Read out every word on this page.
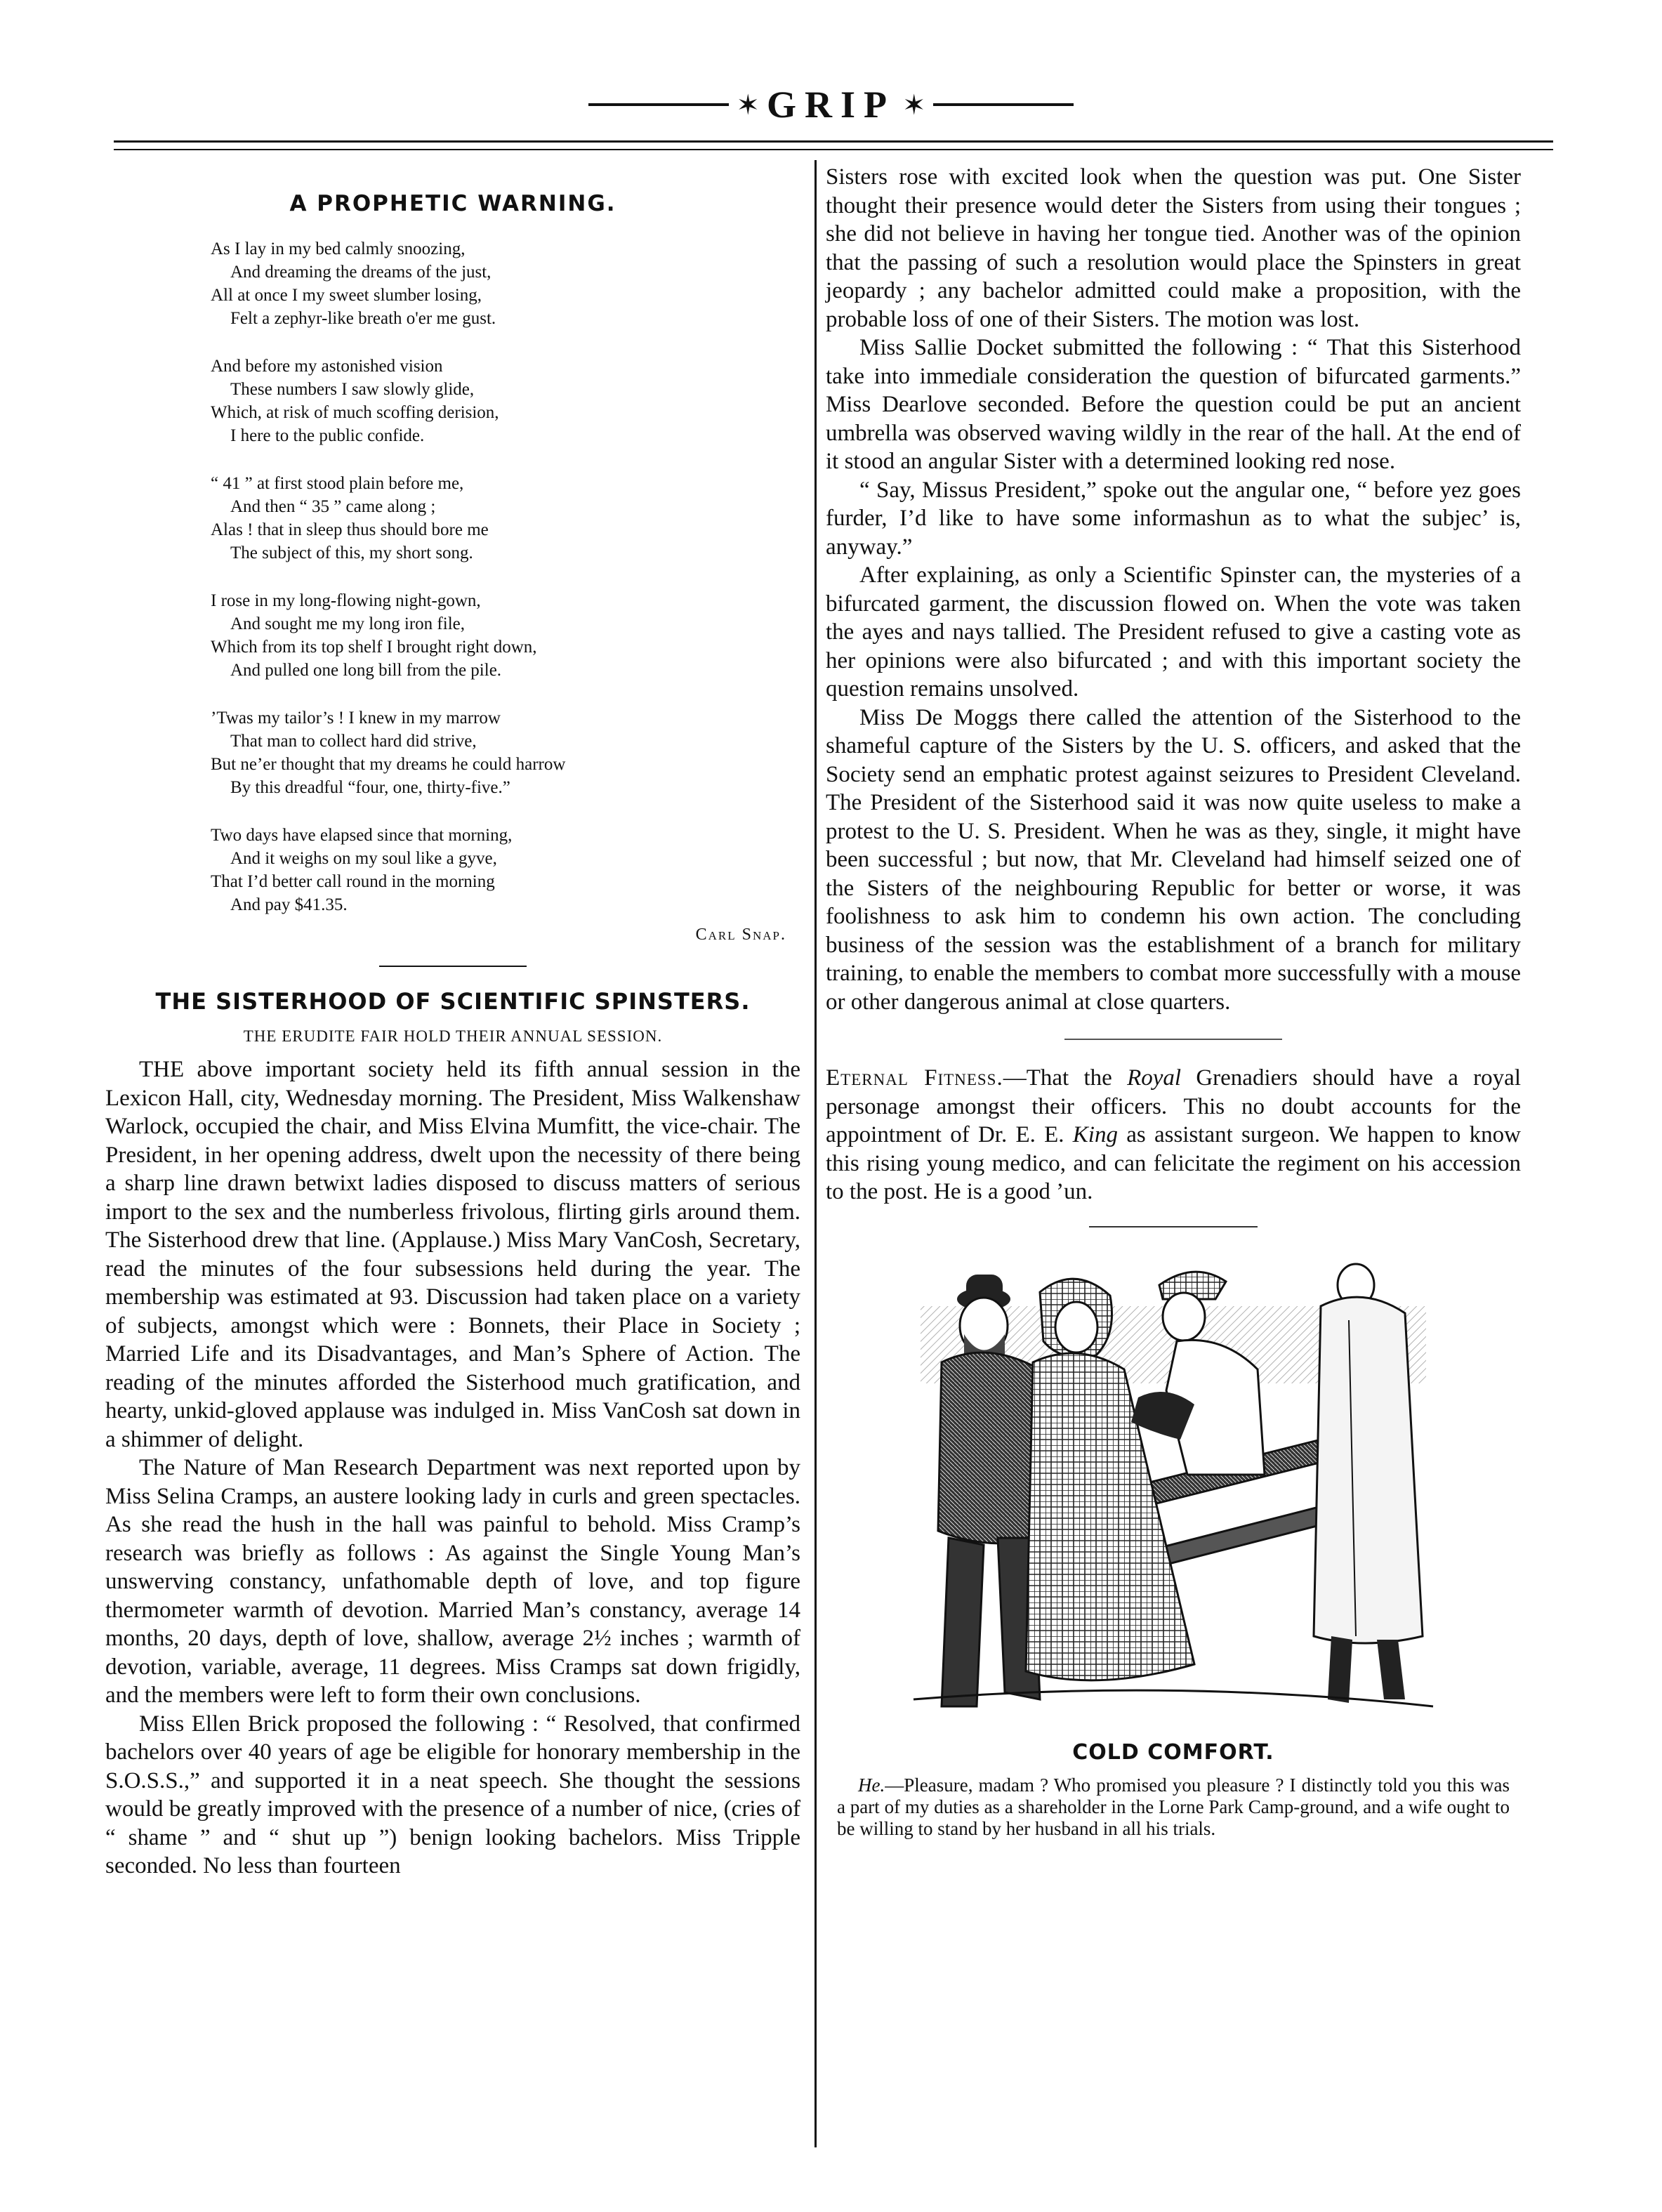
✶ GRIP ✶
A PROPHETIC WARNING.
As I lay in my bed calmly snoozing,
And dreaming the dreams of the just,
All at once I my sweet slumber losing,
Felt a zephyr-like breath o'er me gust.
And before my astonished vision
These numbers I saw slowly glide,
Which, at risk of much scoffing derision,
I here to the public confide.
“ 41 ” at first stood plain before me,
And then “ 35 ” came along ;
Alas ! that in sleep thus should bore me
The subject of this, my short song.
I rose in my long-flowing night-gown,
And sought me my long iron file,
Which from its top shelf I brought right down,
And pulled one long bill from the pile.
’Twas my tailor’s ! I knew in my marrow
That man to collect hard did strive,
But ne’er thought that my dreams he could harrow
By this dreadful “four, one, thirty-five.”
Two days have elapsed since that morning,
And it weighs on my soul like a gyve,
That I’d better call round in the morning
And pay $41.35.
Carl Snap.
THE SISTERHOOD OF SCIENTIFIC SPINSTERS.
THE ERUDITE FAIR HOLD THEIR ANNUAL SESSION.

THE above important society held its fifth annual session in the Lexicon Hall, city, Wednesday morning. The President, Miss Walkenshaw Warlock, occupied the chair, and Miss Elvina Mumfitt, the vice-chair. The President, in her opening address, dwelt upon the necessity of there being a sharp line drawn betwixt ladies disposed to discuss matters of serious import to the sex and the numberless frivolous, flirting girls around them. The Sisterhood drew that line. (Applause.) Miss Mary VanCosh, Secretary, read the minutes of the four subsessions held during the year. The membership was estimated at 93. Discussion had taken place on a variety of subjects, amongst which were : Bonnets, their Place in Society ; Married Life and its Disadvantages, and Man’s Sphere of Action. The reading of the minutes afforded the Sisterhood much gratification, and hearty, unkid-gloved applause was indulged in. Miss VanCosh sat down in a shimmer of delight.

The Nature of Man Research Department was next reported upon by Miss Selina Cramps, an austere looking lady in curls and green spectacles. As she read the hush in the hall was painful to behold. Miss Cramp’s research was briefly as follows : As against the Single Young Man’s unswerving constancy, unfathomable depth of love, and top figure thermometer warmth of devotion. Married Man’s constancy, average 14 months, 20 days, depth of love, shallow, average 2½ inches ; warmth of devotion, variable, average, 11 degrees. Miss Cramps sat down frigidly, and the members were left to form their own conclusions.

Miss Ellen Brick proposed the following : “ Resolved, that confirmed bachelors over 40 years of age be eligible for honorary membership in the S.O.S.S.,” and supported it in a neat speech. She thought the sessions would be greatly improved with the presence of a number of nice, (cries of “ shame ” and “ shut up ”) benign looking bachelors. Miss Tripple seconded. No less than fourteen

Sisters rose with excited look when the question was put. One Sister thought their presence would deter the Sisters from using their tongues ; she did not believe in having her tongue tied. Another was of the opinion that the passing of such a resolution would place the Spinsters in great jeopardy ; any bachelor admitted could make a proposition, with the probable loss of one of their Sisters. The motion was lost.

Miss Sallie Docket submitted the following : “ That this Sisterhood take into immediale consideration the question of bifurcated garments.” Miss Dearlove seconded. Before the question could be put an ancient umbrella was observed waving wildly in the rear of the hall. At the end of it stood an angular Sister with a determined looking red nose.

“ Say, Missus President,” spoke out the angular one, “ before yez goes furder, I’d like to have some informashun as to what the subjec’ is, anyway.”

After explaining, as only a Scientific Spinster can, the mysteries of a bifurcated garment, the discussion flowed on. When the vote was taken the ayes and nays tallied. The President refused to give a casting vote as her opinions were also bifurcated ; and with this important society the question remains unsolved.

Miss De Moggs there called the attention of the Sisterhood to the shameful capture of the Sisters by the U. S. officers, and asked that the Society send an emphatic protest against seizures to President Cleveland. The President of the Sisterhood said it was now quite useless to make a protest to the U. S. President. When he was as they, single, it might have been successful ; but now, that Mr. Cleveland had himself seized one of the Sisters of the neighbouring Republic for better or worse, it was foolishness to ask him to condemn his own action. The concluding business of the session was the establishment of a branch for military training, to enable the members to combat more successfully with a mouse or other dangerous animal at close quarters.

Eternal Fitness.—That the Royal Grenadiers should have a royal personage amongst their officers. This no doubt accounts for the appointment of Dr. E. E. King as assistant surgeon. We happen to know this rising young medico, and can felicitate the regiment on his accession to the post. He is a good ’un.

COLD COMFORT.

He.—Pleasure, madam ? Who promised you pleasure ? I distinctly told you this was a part of my duties as a shareholder in the Lorne Park Camp-ground, and a wife ought to be willing to stand by her husband in all his trials.
